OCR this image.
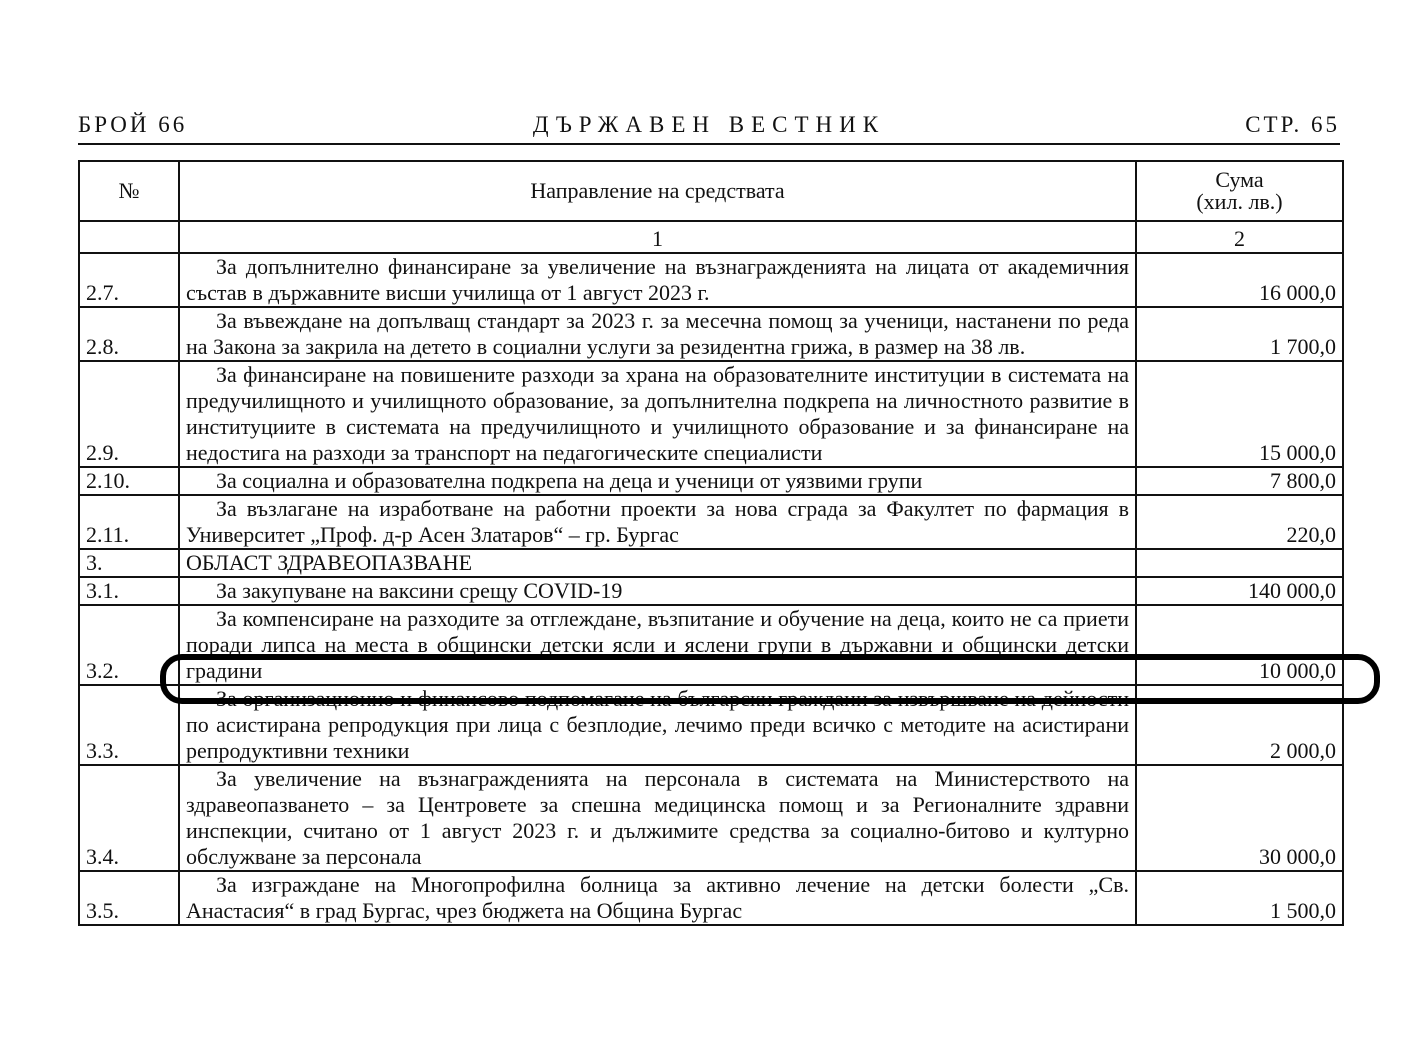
БРОЙ 66	ДЪРЖАВЕН ВЕСТНИК	СТР. 65
№	Направление на средствата	Сума
(хил. лв.)

	1	2
2.7.	За допълнително финансиране за увеличение на възнагражденията на лицата от академичния състав в държавните висши училища от 1 август 2023 г.	16 000,0
2.8.	За въвеждане на допълващ стандарт за 2023 г. за месечна помощ за ученици, настанени по реда на Закона за закрила на детето в социални услуги за резидентна грижа, в размер на 38 лв.	1 700,0
2.9.	За финансиране на повишените разходи за храна на образователните институции в системата на предучилищното и училищното образование, за допълнителна подкрепа на личностното развитие в институциите в системата на предучилищното и училищното образование и за финансиране на недостига на разходи за транспорт на педагогическите специалисти	15 000,0
2.10.	За социална и образователна подкрепа на деца и ученици от уязвими групи	7 800,0
2.11.	За възлагане на изработване на работни проекти за нова сграда за Факултет по фармация в Университет „Проф. д-р Асен Златаров“ – гр. Бургас	220,0
3.	ОБЛАСТ ЗДРАВЕОПАЗВАНЕ	
3.1.	За закупуване на ваксини срещу COVID-19	140 000,0
3.2.	За компенсиране на разходите за отглеждане, възпитание и обучение на деца, които не са приети поради липса на места в общински детски ясли и яслени групи в държавни и общински детски градини	10 000,0
3.3.	За организационно и финансово подпомагане на български граждани за извършване на дейности по асистирана репродукция при лица с безплодие, лечимо преди всичко с методите на асистирани репродуктивни техники	2 000,0
3.4.	За увеличение на възнагражденията на персонала в системата на Министерството на здравеопазването – за Центровете за спешна медицинска помощ и за Регионалните здравни инспекции, считано от 1 август 2023 г. и дължимите средства за социално-битово и културно обслужване за персонала	30 000,0
3.5.	За изграждане на Многопрофилна болница за активно лечение на детски болести „Св. Анастасия“ в град Бургас, чрез бюджета на Община Бургас	1 500,0
